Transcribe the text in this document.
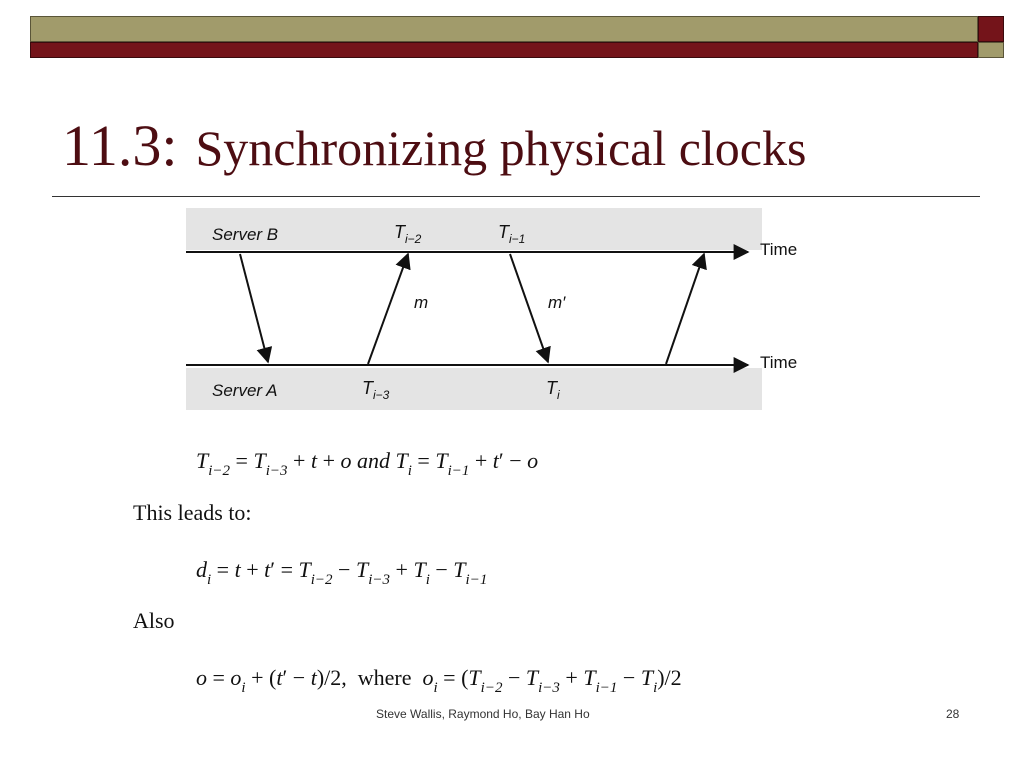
11.3: Synchronizing physical clocks
Server B
Server A
Time
Time
$T_{i-2}$	$T_{i-1}$
$T_{i-3}$	$T_i$
m	m′
$T_{i-2} = T_{i-3} + t + o$ and $T_i = T_{i-1} + t' - o$
This leads to:
$d_i = t + t' = T_{i-2} - T_{i-3} + T_i - T_{i-1}$
Also
$o = o_i + (t' - t)/2$,  where  $o_i = (T_{i-2} - T_{i-3} + T_{i-1} - T_i)/2$
Steve Wallis, Raymond Ho, Bay Han Ho	28
